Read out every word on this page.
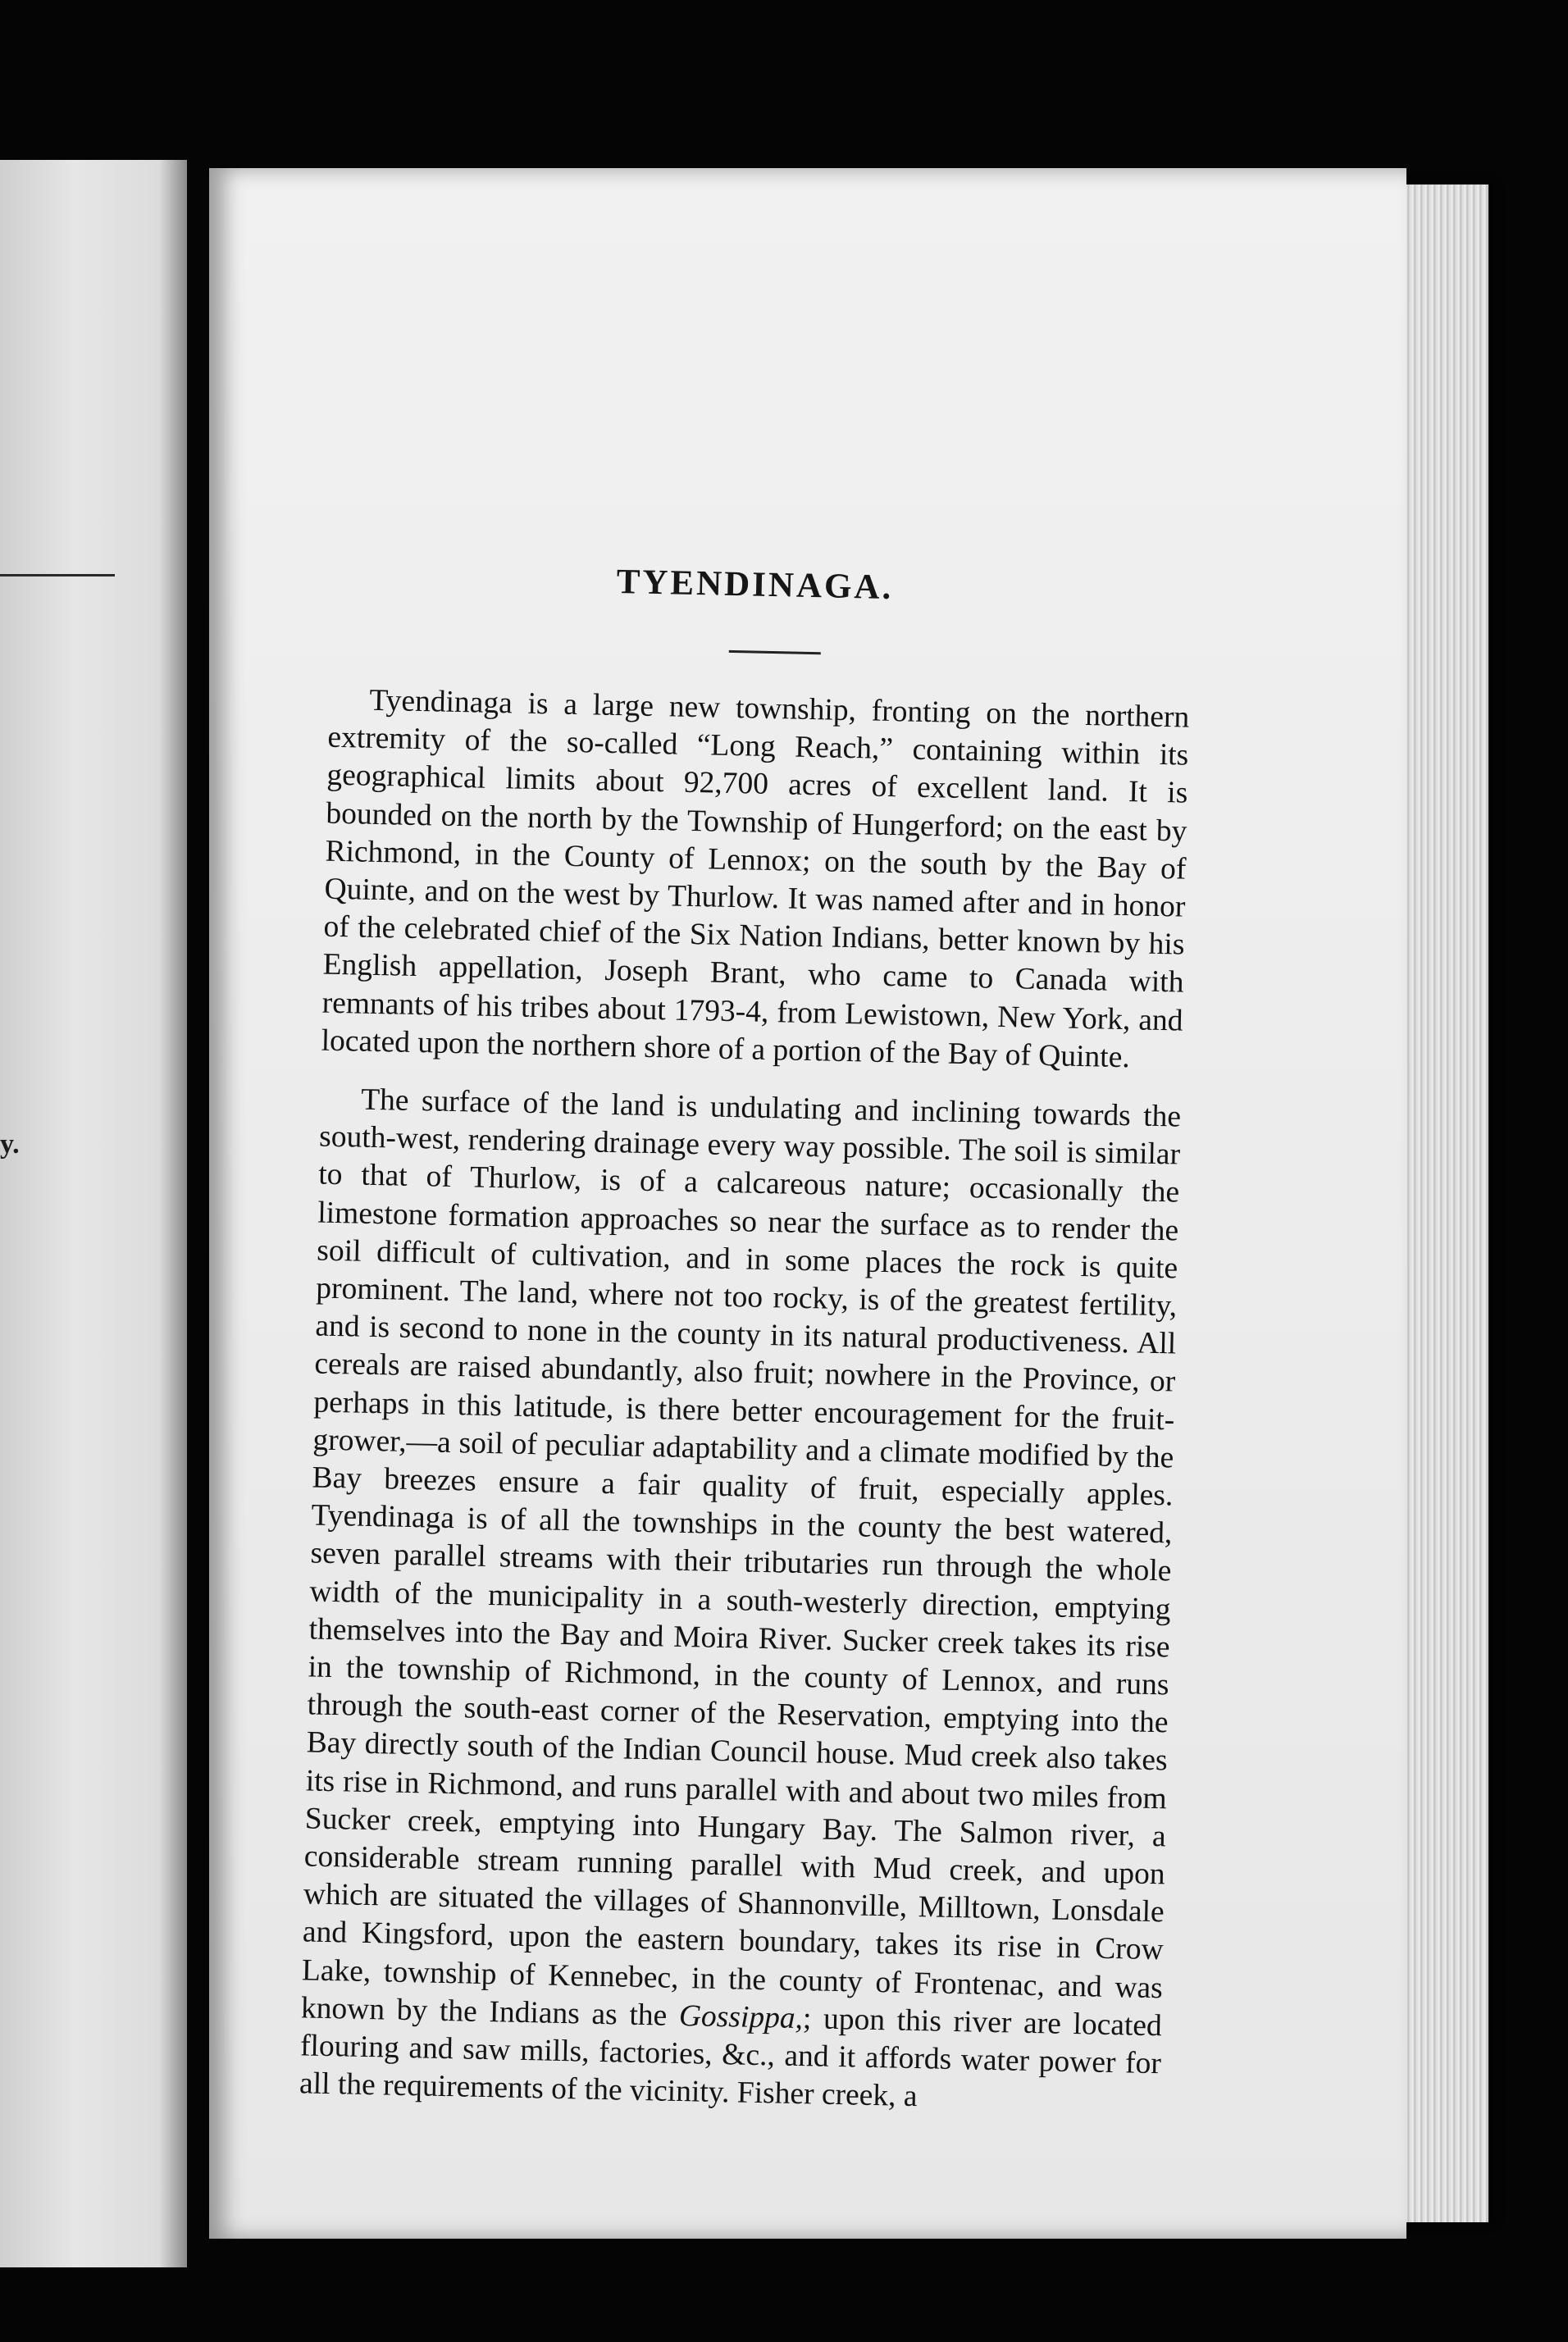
y.
TYENDINAGA.

Tyendinaga is a large new township, fronting on the northern extremity of the so-called “Long Reach,” containing within its geographical limits about 92,700 acres of excellent land. It is bounded on the north by the Township of Hungerford; on the east by Richmond, in the County of Lennox; on the south by the Bay of Quinte, and on the west by Thurlow. It was named after and in honor of the celebrated chief of the Six Nation Indians, better known by his English appellation, Joseph Brant, who came to Canada with remnants of his tribes about 1793-4, from Lewistown, New York, and located upon the northern shore of a portion of the Bay of Quinte.

The surface of the land is undulating and inclining towards the south-west, rendering drainage every way possible. The soil is similar to that of Thurlow, is of a calcareous nature; occasionally the limestone formation approaches so near the surface as to render the soil difficult of cultivation, and in some places the rock is quite prominent. The land, where not too rocky, is of the greatest fertility, and is second to none in the county in its natural productiveness. All cereals are raised abundantly, also fruit; nowhere in the Province, or perhaps in this latitude, is there better encouragement for the fruit-grower,—a soil of peculiar adaptability and a climate modified by the Bay breezes ensure a fair quality of fruit, especially apples. Tyendinaga is of all the townships in the county the best watered, seven parallel streams with their tributaries run through the whole width of the municipality in a south-westerly direction, emptying themselves into the Bay and Moira River. Sucker creek takes its rise in the township of Richmond, in the county of Lennox, and runs through the south-east corner of the Reservation, emptying into the Bay directly south of the Indian Council house. Mud creek also takes its rise in Richmond, and runs parallel with and about two miles from Sucker creek, emptying into Hungary Bay. The Salmon river, a considerable stream running parallel with Mud creek, and upon which are situated the villages of Shannonville, Milltown, Lonsdale and Kingsford, upon the eastern boundary, takes its rise in Crow Lake, township of Kennebec, in the county of Frontenac, and was known by the Indians as the Gossippa,; upon this river are located flouring and saw mills, factories, &c., and it affords water power for all the requirements of the vicinity. Fisher creek, a
